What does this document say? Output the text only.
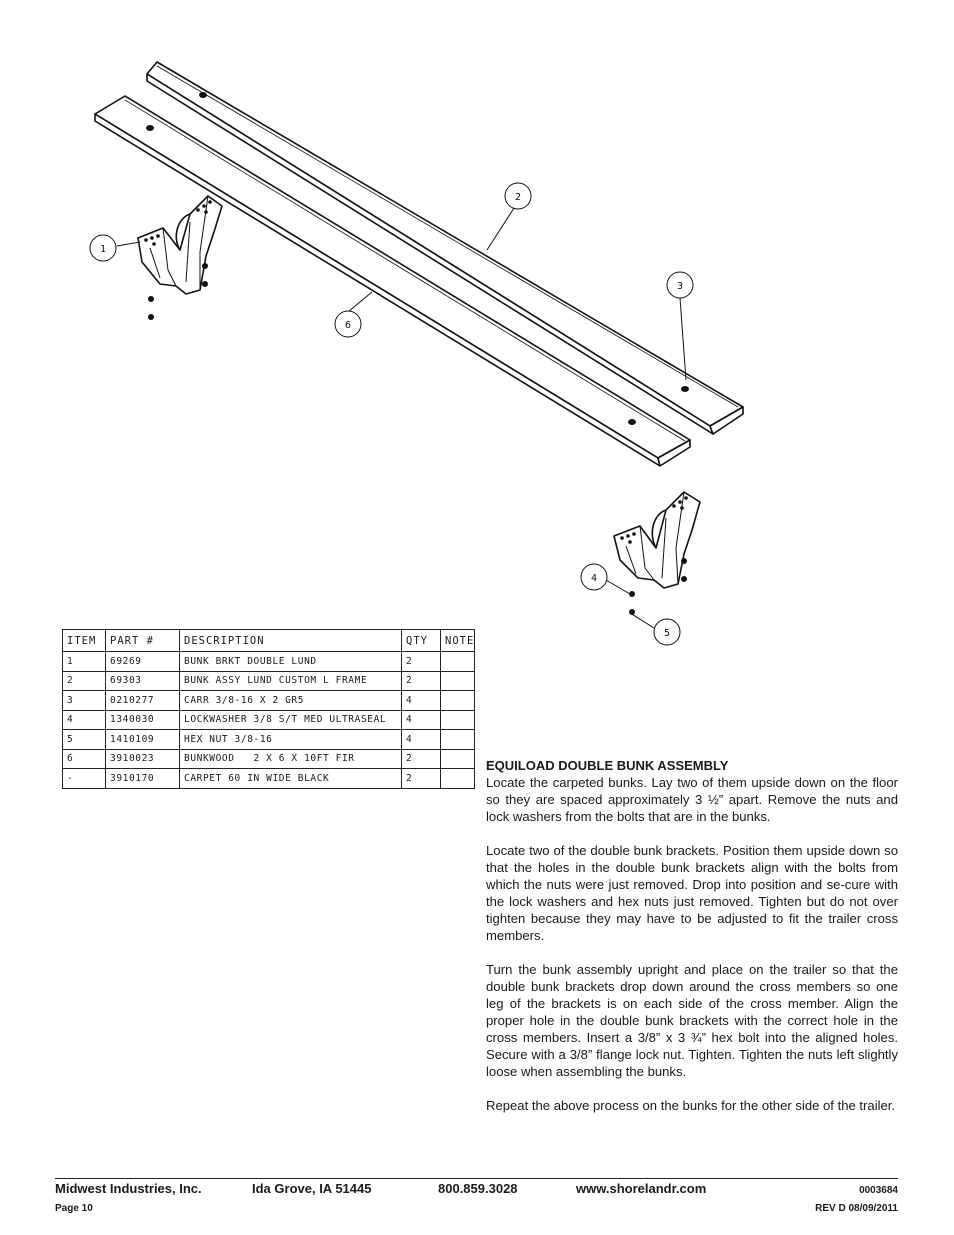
1
2
3
4
5
6
ITEM	PART #	DESCRIPTION	QTY	NOTE
1	69269	BUNK BRKT DOUBLE LUND	2	
2	69303	BUNK ASSY LUND CUSTOM L FRAME	2	
3	0210277	CARR 3/8-16 X 2 GR5	4	
4	1340030	LOCKWASHER 3/8 S/T MED ULTRASEAL	4	
5	1410109	HEX NUT 3/8-16	4	
6	3910023	BUNKWOOD   2 X 6 X 10FT FIR	2	
-	3910170	CARPET 60 IN WIDE BLACK	2	
EQUILOAD DOUBLE BUNK ASSEMBLY

Locate the carpeted bunks. Lay two of them upside down on the floor so they are spaced approximately 3 ½” apart. Remove the nuts and lock washers from the bolts that are in the bunks.

Locate two of the double bunk brackets. Position them upside down so that the holes in the double bunk brackets align with the bolts from which the nuts were just removed. Drop into position and se-cure with the lock washers and hex nuts just removed. Tighten but do not over tighten because they may have to be adjusted to fit the trailer cross members.

Turn the bunk assembly upright and place on the trailer so that the double bunk brackets drop down around the cross members so one leg of the brackets is on each side of the cross member. Align the proper hole in the double bunk brackets with the correct hole in the cross members. Insert a 3/8” x 3 ¾” hex bolt into the aligned holes. Secure with a 3/8” flange lock nut. Tighten. Tighten the nuts left slightly loose when assembling the bunks.

Repeat the above process on the bunks for the other side of the trailer.

Midwest Industries, Inc.	Ida Grove, IA 51445	800.859.3028	www.shorelandr.com	0003684
Page 10	REV D 08/09/2011
